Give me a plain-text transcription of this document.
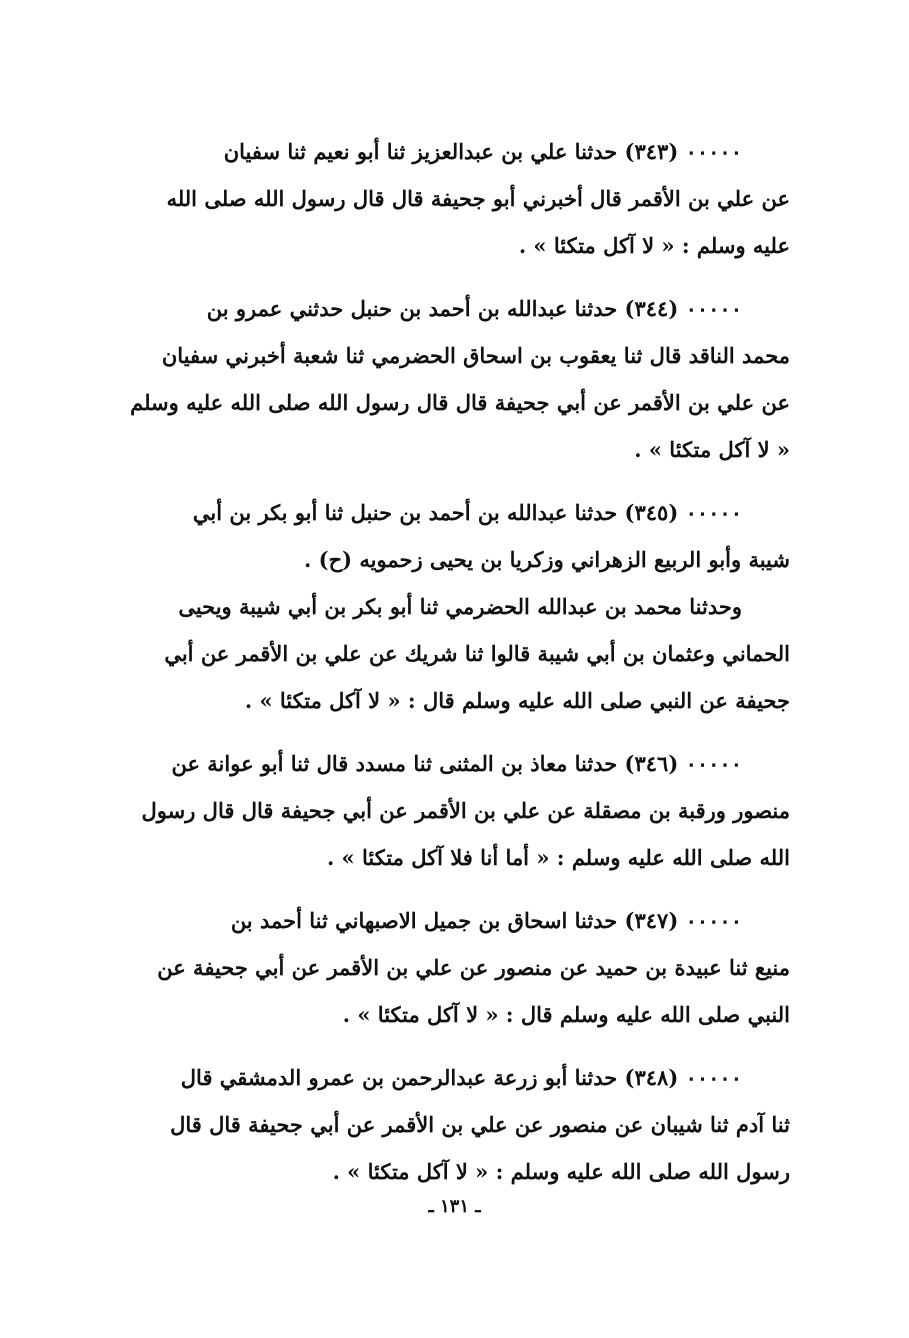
٠٠٠٠٠ (٣٤٣) حدثنا علي بن عبدالعزيز ثنا أبو نعيم ثنا سفيان
عن علي بن الأقمر قال أخبرني أبو جحيفة قال قال رسول الله صلى الله
عليه وسلم : « لا آكل متكئا » .
٠٠٠٠٠ (٣٤٤) حدثنا عبدالله بن أحمد بن حنبل حدثني عمرو بن
محمد الناقد قال ثنا يعقوب بن اسحاق الحضرمي ثنا شعبة أخبرني سفيان
عن علي بن الأقمر عن أبي جحيفة قال قال رسول الله صلى الله عليه وسلم
« لا آكل متكئا » .
٠٠٠٠٠ (٣٤٥) حدثنا عبدالله بن أحمد بن حنبل ثنا أبو بكر بن أبي
شيبة وأبو الربيع الزهراني وزكريا بن يحيى زحمويه (ح) .
وحدثنا محمد بن عبدالله الحضرمي ثنا أبو بكر بن أبي شيبة ويحيى
الحماني وعثمان بن أبي شيبة قالوا ثنا شريك عن علي بن الأقمر عن أبي
جحيفة عن النبي صلى الله عليه وسلم قال : « لا آكل متكئا » .
٠٠٠٠٠ (٣٤٦) حدثنا معاذ بن المثنى ثنا مسدد قال ثنا أبو عوانة عن
منصور ورقبة بن مصقلة عن علي بن الأقمر عن أبي جحيفة قال قال رسول
الله صلى الله عليه وسلم : « أما أنا فلا آكل متكئا » .
٠٠٠٠٠ (٣٤٧) حدثنا اسحاق بن جميل الاصبهاني ثنا أحمد بن
منيع ثنا عبيدة بن حميد عن منصور عن علي بن الأقمر عن أبي جحيفة عن
النبي صلى الله عليه وسلم قال : « لا آكل متكئا » .
٠٠٠٠٠ (٣٤٨) حدثنا أبو زرعة عبدالرحمن بن عمرو الدمشقي قال
ثنا آدم ثنا شيبان عن منصور عن علي بن الأقمر عن أبي جحيفة قال قال
رسول الله صلى الله عليه وسلم : « لا آكل متكئا » .
ـ ١٣١ ـ
